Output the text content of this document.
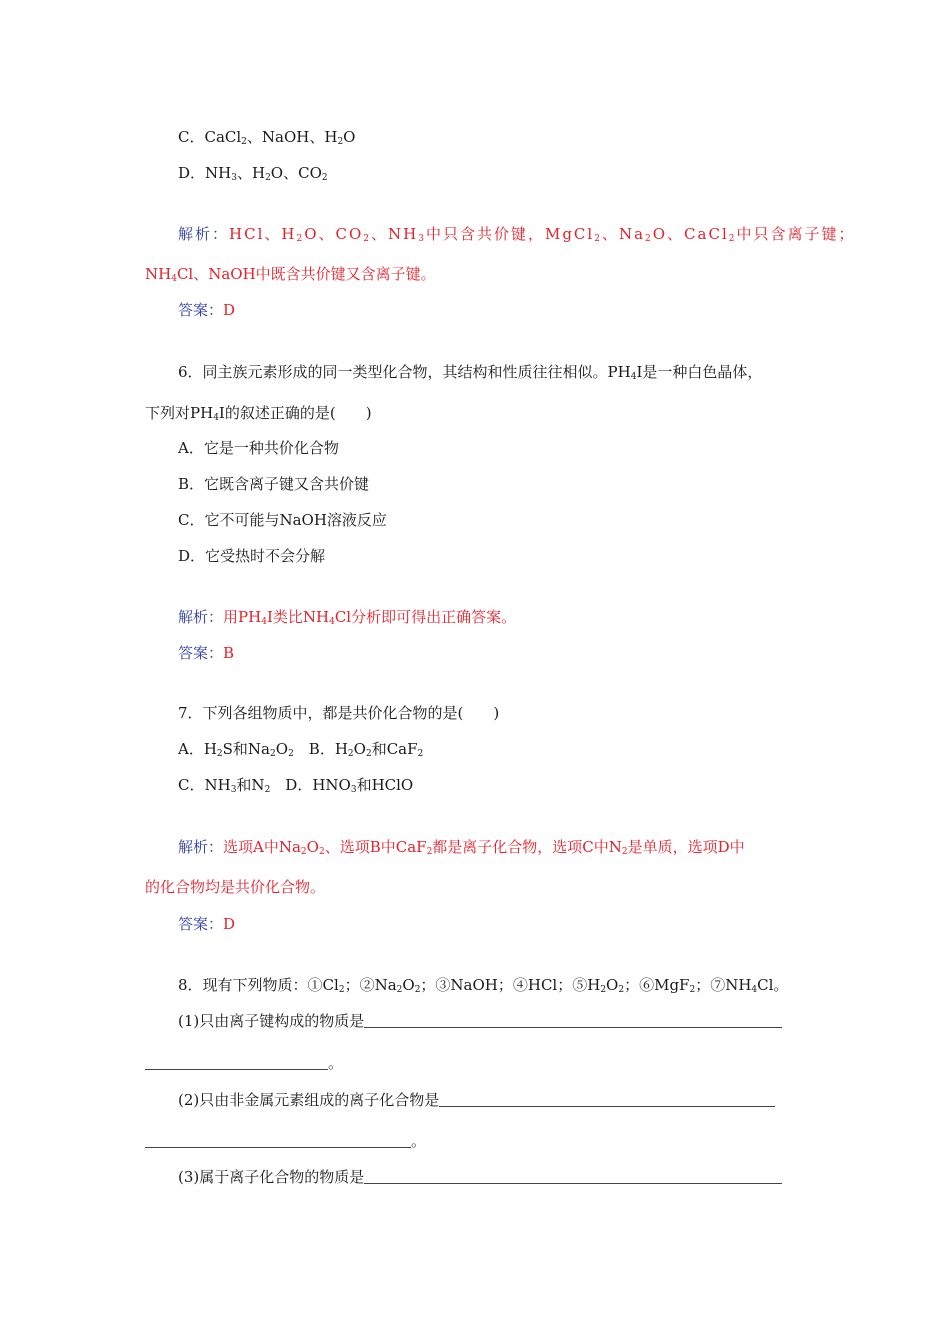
C．CaCl$_2$、NaOH、$H_2O$
D．$NH_3$、$H_2O$、$CO_2$
解析：HCl、$H_2O$、$CO_2$、$NH_3$中只含共价键，MgCl$_2$、$Na_2O$、CaCl$_2$中只含离子键；
$NH_4Cl$、NaOH中既含共价键又含离子键。
答案：D
6．同主族元素形成的同一类型化合物，其结构和性质往往相似。$PH_4I$是一种白色晶体，
下列对$PH_4I$的叙述正确的是(　　)
A．它是一种共价化合物
B．它既含离子键又含共价键
C．它不可能与NaOH溶液反应
D．它受热时不会分解
解析：用$PH_4I$类比$NH_4Cl$分析即可得出正确答案。
答案：B
7．下列各组物质中，都是共价化合物的是(　　)
A．$H_2S$和$Na_2O_2$　B．$H_2O_2$和CaF$_2$
C．$NH_3$和$N_2$　D．$HNO_3$和HClO
解析：选项A中$Na_2O_2$、选项B中CaF$_2$都是离子化合物，选项C中$N_2$是单质，选项D中
的化合物均是共价化合物。
答案：D
8．现有下列物质：$①Cl_2$；$②Na_2O_2$；③NaOH；④HCl；$⑤H_2O_2$；⑥MgF$_2$；$⑦NH_4Cl$。
(1)只由离子键构成的物质是
。
(2)只由非金属元素组成的离子化合物是
。
(3)属于离子化合物的物质是
